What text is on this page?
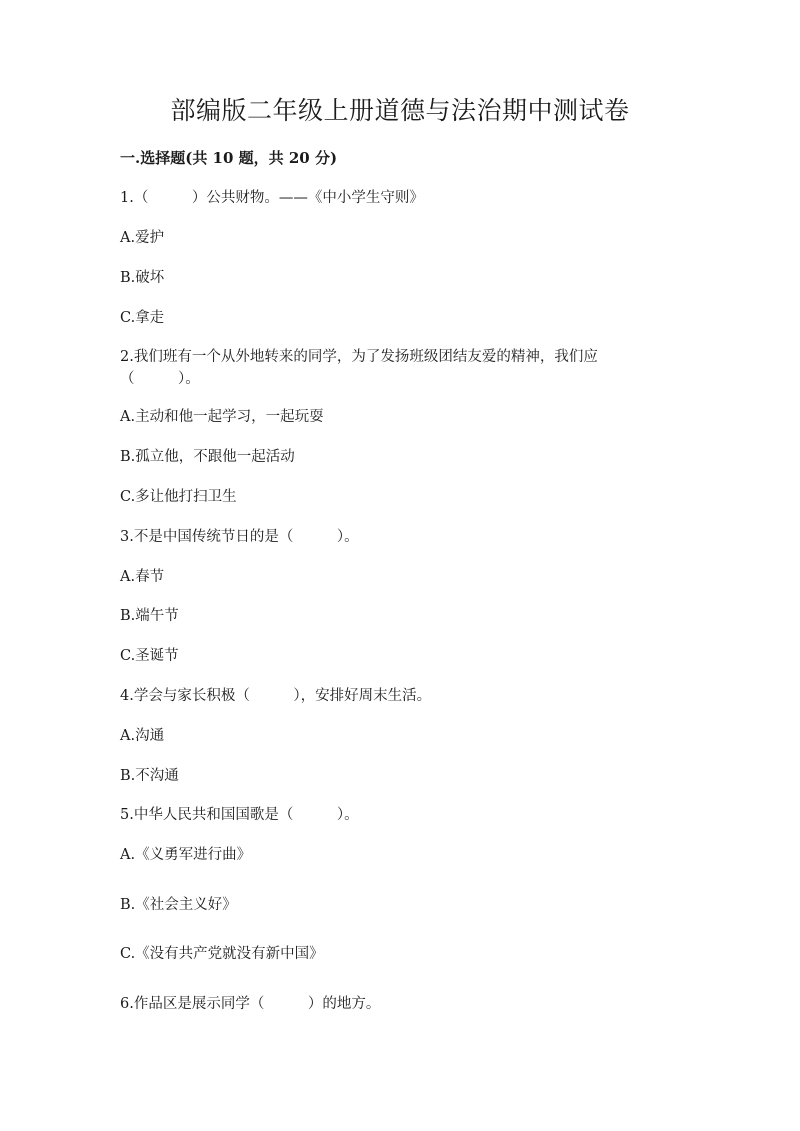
部编版二年级上册道德与法治期中测试卷
一.选择题(共 10 题，共 20 分)
1.（　　　）公共财物。——《中小学生守则》
A.爱护
B.破坏
C.拿走
2.我们班有一个从外地转来的同学，为了发扬班级团结友爱的精神，我们应
（　　　）。
A.主动和他一起学习，一起玩耍
B.孤立他，不跟他一起活动
C.多让他打扫卫生
3.不是中国传统节日的是（　　　）。
A.春节
B.端午节
C.圣诞节
4.学会与家长积极（　　　），安排好周末生活。
A.沟通
B.不沟通
5.中华人民共和国国歌是（　　　）。
A.《义勇军进行曲》
B.《社会主义好》
C.《没有共产党就没有新中国》
6.作品区是展示同学（　　　）的地方。
